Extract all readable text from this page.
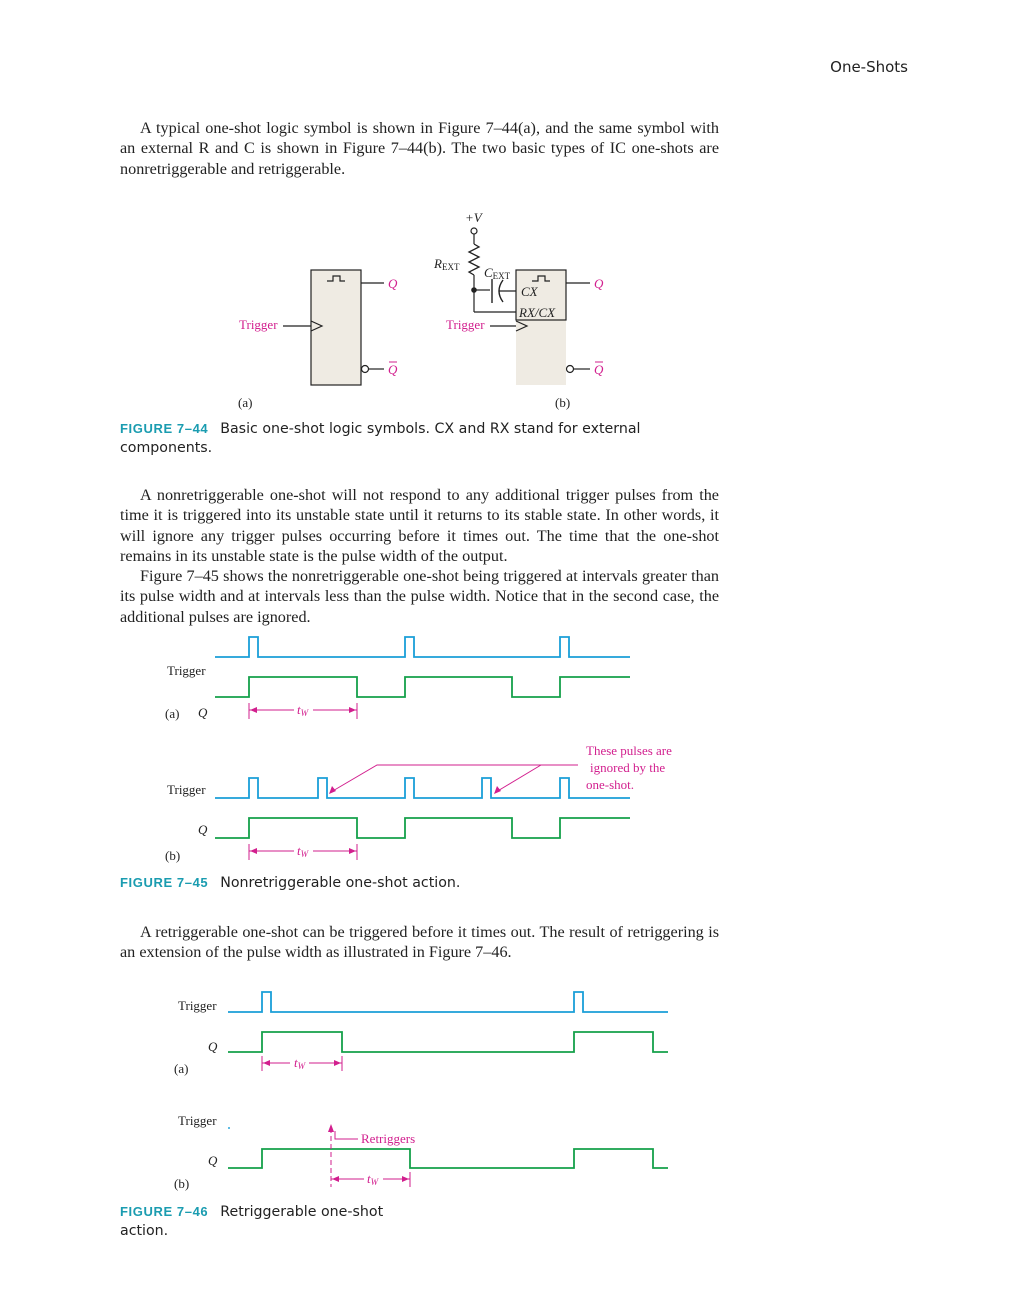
One-Shots

A typical one-shot logic symbol is shown in Figure 7–44(a), and the same symbol with an external R and C is shown in Figure 7–44(b). The two basic types of IC one-shots are nonretriggerable and retriggerable.

Trigger
Q
Q
(a)
CX
RX/CX
Trigger
Q
Q
(b)
+V
REXT CEXT
FIGURE 7–44 Basic one-shot logic symbols. CX and RX stand for external components.

A nonretriggerable one-shot will not respond to any additional trigger pulses from the time it is triggered into its unstable state until it returns to its stable state. In other words, it will ignore any trigger pulses occurring before it times out. The time that the one-shot remains in its unstable state is the pulse width of the output.

Figure 7–45 shows the nonretriggerable one-shot being triggered at intervals greater than its pulse width and at intervals less than the pulse width. Notice that in the second case, the additional pulses are ignored.

Trigger
Q
(a)	tW
Trigger
Q
(b)	tW
These pulses are
ignored by the
one-shot.
FIGURE 7–45 Nonretriggerable one-shot action.

A retriggerable one-shot can be triggered before it times out. The result of retriggering is an extension of the pulse width as illustrated in Figure 7–46.

Trigger
Q
(a)	tW
Trigger
Q
(b)
Retriggers
tW
FIGURE 7–46 Retriggerable one-shot action.
